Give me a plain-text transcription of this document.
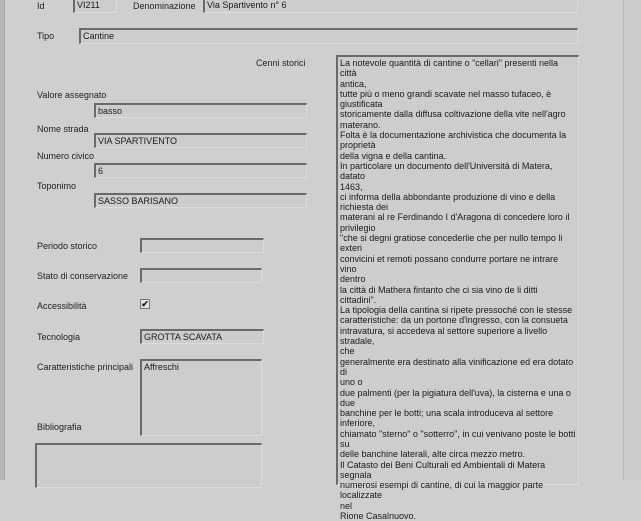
Id	VI211	Denominazione	Via Spartivento n° 6
Tipo	Cantine
Cenni storici	La notevole quantità di cantine o "cellari" presenti nella città

antica,

tutte più o meno grandi scavate nel masso tufaceo, è

giustificata

storicamente dalla diffusa coltivazione della vite nell'agro

materano.

Folta è la documentazione archivistica che documenta la

proprietà

della vigna e della cantina.

In particolare un documento dell'Università di Matera, datato

1463,

ci informa della abbondante produzione di vino e della

richiesta dei

materani al re Ferdinando I d'Aragona di concedere loro il

privilegio

"che si degni gratiose concederlie che per nullo tempo li exteri

convicini et remoti possano condurre portare ne intrare vino

dentro

la città di Mathera fintanto che ci sia vino de li ditti cittadini".

La tipologia della cantina si ripete pressoché con le stesse

caratteristiche: da un portone d'ingresso, con la consueta

intravatura, si accedeva al settore superiore a livello stradale,

che

generalmente era destinato alla vinificazione ed era dotato di

uno o

due palmenti (per la pigiatura dell'uva), la cisterna e una o due

banchine per le botti; una scala introduceva al settore

inferiore,

chiamato "sterno" o "sotterro", in cui venivano poste le botti su

delle banchine laterali, alte circa mezzo metro.

Il Catasto dei Beni Culturali ed Ambientali di Matera segnala

numerosi esempi di cantine, di cui la maggior parte localizzate

nel

Rione Casalnuovo.

Valore assegnato
basso
Nome strada
VIA SPARTIVENTO
Numero civico
6
Toponimo
SASSO BARISANO
Periodo storico
Stato di conservazione
Accessibilità	✔
Tecnologia	GROTTA SCAVATA
Caratteristiche principali	Affreschi
Bibliografia
